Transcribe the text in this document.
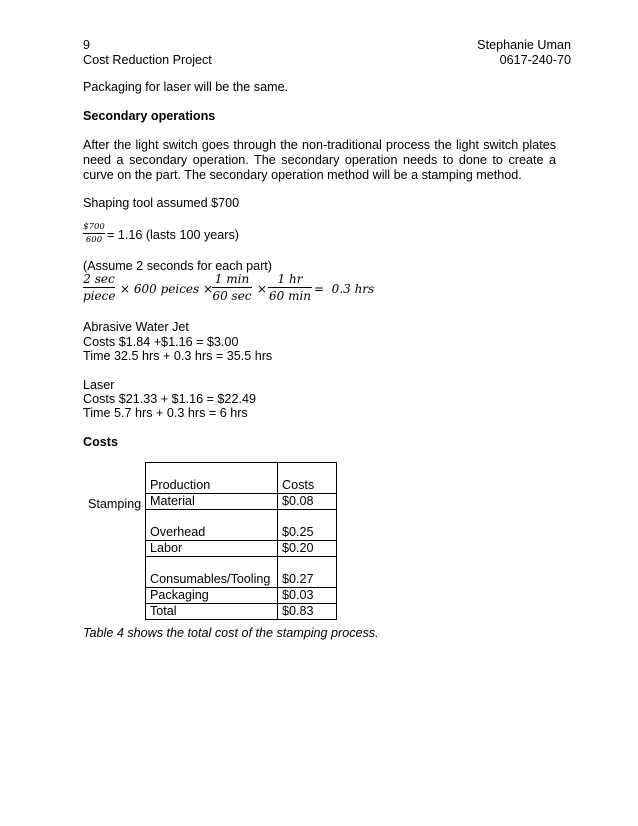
9
Cost Reduction Project
Stephanie Uman
0617-240-70
Packaging for laser will be the same.
Secondary operations
After the light switch goes through the non-traditional process the light switch plates
need a secondary operation. The secondary operation needs to done to create a
curve on the part. The secondary operation method will be a stamping method.
Shaping tool assumed $700
$700
600 = 1.16 (lasts 100 years)
(Assume 2 seconds for each part)
2 sec
piece × 600 peices ×
1 min
60 sec ×
1 hr
60 min =  0.3 hrs
Abrasive Water Jet
Costs $1.84 +$1.16 = $3.00
Time 32.5 hrs + 0.3 hrs = 35.5 hrs
Laser
Costs $21.33 + $1.16 = $22.49
Time 5.7 hrs + 0.3 hrs = 6 hrs
Costs
Stamping
Production	Costs
Material	$0.08
Overhead	$0.25
Labor	$0.20
Consumables/Tooling	$0.27
Packaging	$0.03
Total	$0.83
Table 4 shows the total cost of the stamping process.
